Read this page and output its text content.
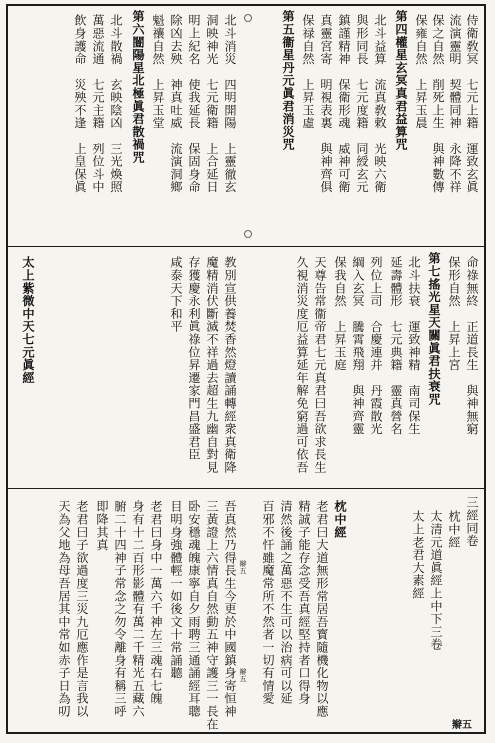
侍衛敎冥　七元上籍　運致玄眞
流演靈明　契體同神　永降不祥
保之自然　削死上生　與神數傳
保雍自然　上昇玉晨
第四權星玄冥真君益算咒
北斗益算　流真敎敕　光映六衛
與形同長　七元度籍　同綬玄元
鎮謹精神　保衛形魂　威神可衛
真靈宮寄　明視表裏　與神齊俱
保禄自然　上昇玉虛
第五衞星丹元眞君消災咒
北斗消災　四明開陽　上靈徹玄
洞映神光　七元衛籍　上合延日
明上紀名　使我延長　保固身命
除凶去殃　神真吐威　流演洞鄉
魁禳自然　上昇玉堂
第六闓陽星北極眞君散禍咒
北斗散禍　玄映陰凶　三光煥照
萬惡流通　七元主籍　列位斗中
飲身護命　災殃不逢　上皇保眞
命祿無終　正道長生　與神無窮
保形自然　上昇上宮
第七搖光星天關眞君扶衰咒
北斗扶衰　運致神精　南司保生
延壽體形　七元典籍　靈真營名
列位上司　合慶連并　丹霞散光
綱入玄冥　騰霄飛翔　與神齊靈
保我自然　上昇玉庭
天尊告常衞帝君七元真君曰吾欲求長生
久視消災度厄益算延年解免窮過可依吾
教別宣供養焚香然燈讀誦轉經衆真衛降
魔精消伏斷滅不祥過去超生九幽自對見
存獲慶永利眞祿位昇遷家門昌盛君臣
咸泰天下和平
太上紫微中天七元眞經
三經同卷
枕中經
太清元道眞經上中下三卷
太上老君大素經
枕中經
老君曰大道無形常居吾寳隨機化物以應
精誠子能存念受吾真經堅持者口得身
清然後誦之萬惡不生可以治病可以延
百邪不忓雖魔常所不然者一切有情愛
吾真然乃得長生今更於中國鎮身寄恒神
三黃證上六情真自然動五神守護三一長在
卧安穩魂魄康寧自夕雨聘三通誦經耳聰
目明身強體輕一如後文十常誦聽
老君曰身中一萬六千神左三魂右七魄
身有十二百形影體有萬二千精光五藏六
腑二十四神子常念之勿令離身有稱三呼
即降其真
老君曰子欲過度三災九厄應作是言我以
天為父地為母吾居其中常如赤子日為叨	辮五
辮五
辮五
